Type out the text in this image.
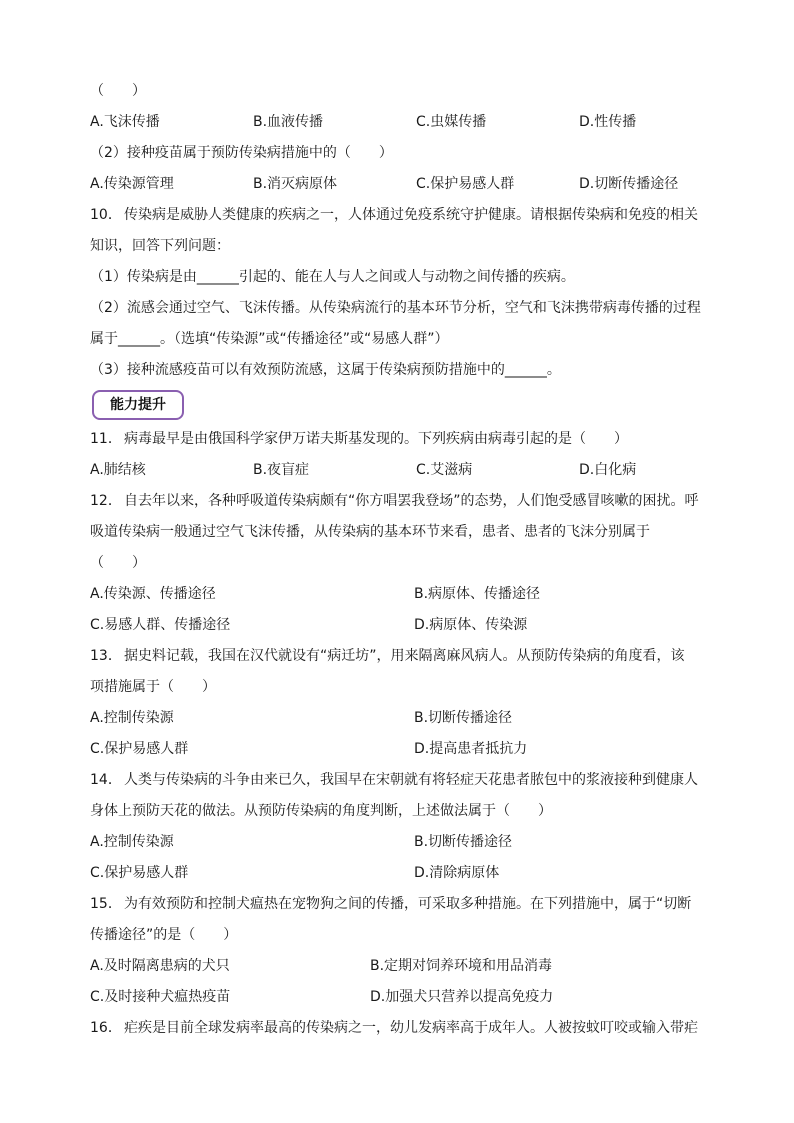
（　　）
A.飞沫传播	B.血液传播	C.虫媒传播	D.性传播
（2）接种疫苗属于预防传染病措施中的（　　）
A.传染源管理	B.消灭病原体	C.保护易感人群	D.切断传播途径
10． 传染病是威胁人类健康的疾病之一，人体通过免疫系统守护健康。请根据传染病和免疫的相关
知识，回答下列问题：
（1）传染病是由______引起的、能在人与人之间或人与动物之间传播的疾病。
（2）流感会通过空气、飞沫传播。从传染病流行的基本环节分析，空气和飞沫携带病毒传播的过程
属于______。（选填“传染源”或“传播途径”或“易感人群”）
（3）接种流感疫苗可以有效预防流感，这属于传染病预防措施中的______。
能力提升
11． 病毒最早是由俄国科学家伊万诺夫斯基发现的。下列疾病由病毒引起的是（　　）
A.肺结核	B.夜盲症	C.艾滋病	D.白化病
12． 自去年以来，各种呼吸道传染病颇有“你方唱罢我登场”的态势，人们饱受感冒咳嗽的困扰。呼
吸道传染病一般通过空气飞沫传播，从传染病的基本环节来看，患者、患者的飞沫分别属于
（　　）
A.传染源、传播途径	B.病原体、传播途径
C.易感人群、传播途径	D.病原体、传染源
13． 据史料记载，我国在汉代就设有“病迁坊”，用来隔离麻风病人。从预防传染病的角度看，该
项措施属于（　　）
A.控制传染源	B.切断传播途径
C.保护易感人群	D.提高患者抵抗力
14． 人类与传染病的斗争由来已久，我国早在宋朝就有将轻症天花患者脓包中的浆液接种到健康人
身体上预防天花的做法。从预防传染病的角度判断，上述做法属于（　　）
A.控制传染源	B.切断传播途径
C.保护易感人群	D.清除病原体
15． 为有效预防和控制犬瘟热在宠物狗之间的传播，可采取多种措施。在下列措施中，属于“切断
传播途径”的是（　　）
A.及时隔离患病的犬只	B.定期对饲养环境和用品消毒
C.及时接种犬瘟热疫苗	D.加强犬只营养以提高免疫力
16． 疟疾是目前全球发病率最高的传染病之一，幼儿发病率高于成年人。人被按蚊叮咬或输入带疟
